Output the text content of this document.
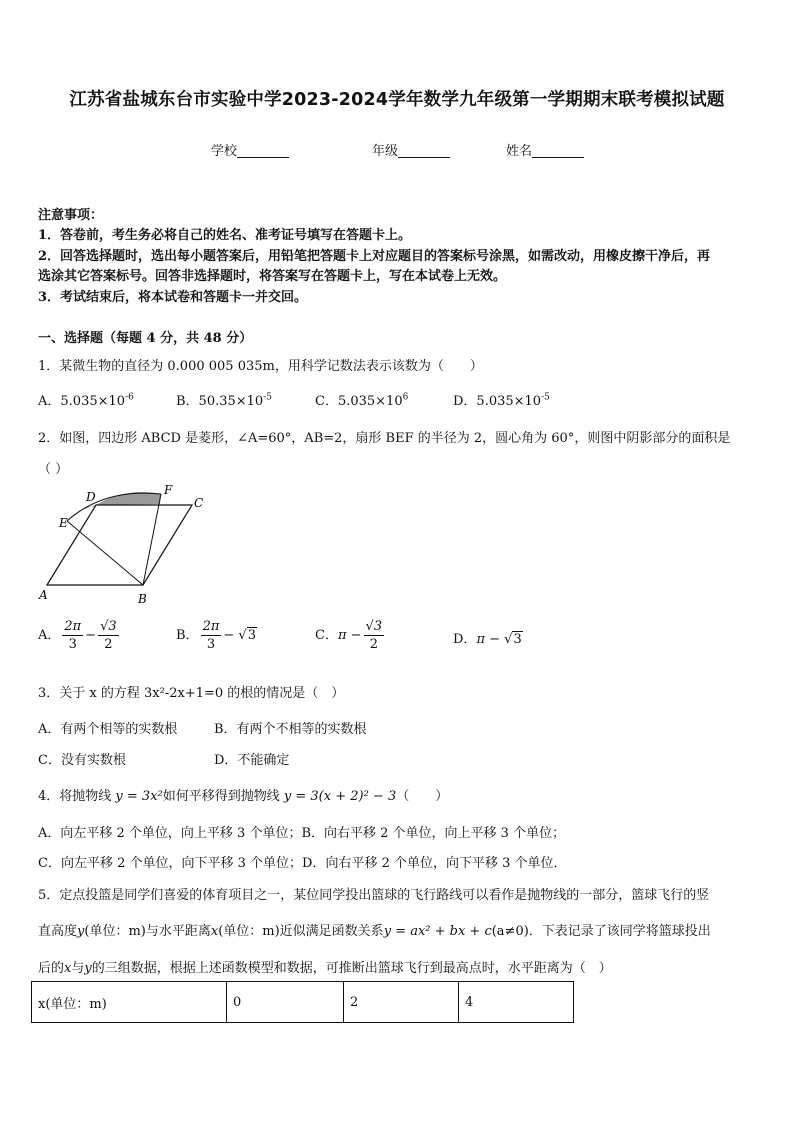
江苏省盐城东台市实验中学2023-2024学年数学九年级第一学期期末联考模拟试题
学校	年级	姓名
注意事项：
1．答卷前，考生务必将自己的姓名、准考证号填写在答题卡上。
2．回答选择题时，选出每小题答案后，用铅笔把答题卡上对应题目的答案标号涂黑，如需改动，用橡皮擦干净后，再
选涂其它答案标号。回答非选择题时，将答案写在答题卡上，写在本试卷上无效。
3．考试结束后，将本试卷和答题卡一并交回。
一、选择题（每题 4 分，共 48 分）
1．某微生物的直径为 0.000 005 035m，用科学记数法表示该数为（　　）
A．$5.035\times 10^{-6}$	B．$50.35\times 10^{-5}$	C．$5.035\times 10^6$	D．$5.035\times 10^{-5}$
2．如图，四边形 ABCD 是菱形，∠A=60°，AB=2，扇形 BEF 的半径为 2，圆心角为 60°，则图中阴影部分的面积是
（ ）
A	B
C
D
E
F
A． $\frac{2\pi}{3} - \frac{√3}{2}$	B． $\frac{2\pi}{3} - √3$	C．$\pi - \frac{√3}{2}$	D．π − √3
3．关于 x 的方程 3x²-2x+1=0 的根的情况是（　）
A．有两个相等的实数根	B．有两个不相等的实数根
C．没有实数根	D．不能确定
4．将抛物线 y = 3x²如何平移得到抛物线 y = 3(x + 2)² − 3（　　）
A．向左平移 2 个单位，向上平移 3 个单位；B．向右平移 2 个单位，向上平移 3 个单位；
C．向左平移 2 个单位，向下平移 3 个单位；D．向右平移 2 个单位，向下平移 3 个单位．
5．定点投篮是同学们喜爱的体育项目之一，某位同学投出篮球的飞行路线可以看作是抛物线的一部分，篮球飞行的竖
直高度y(单位：m)与水平距离x(单位：m)近似满足函数关系y = ax² + bx + c(a≠0)．下表记录了该同学将篮球投出
后的x与y的三组数据，根据上述函数模型和数据，可推断出篮球飞行到最高点时，水平距离为（　）
x(单位：m)	0	2	4
